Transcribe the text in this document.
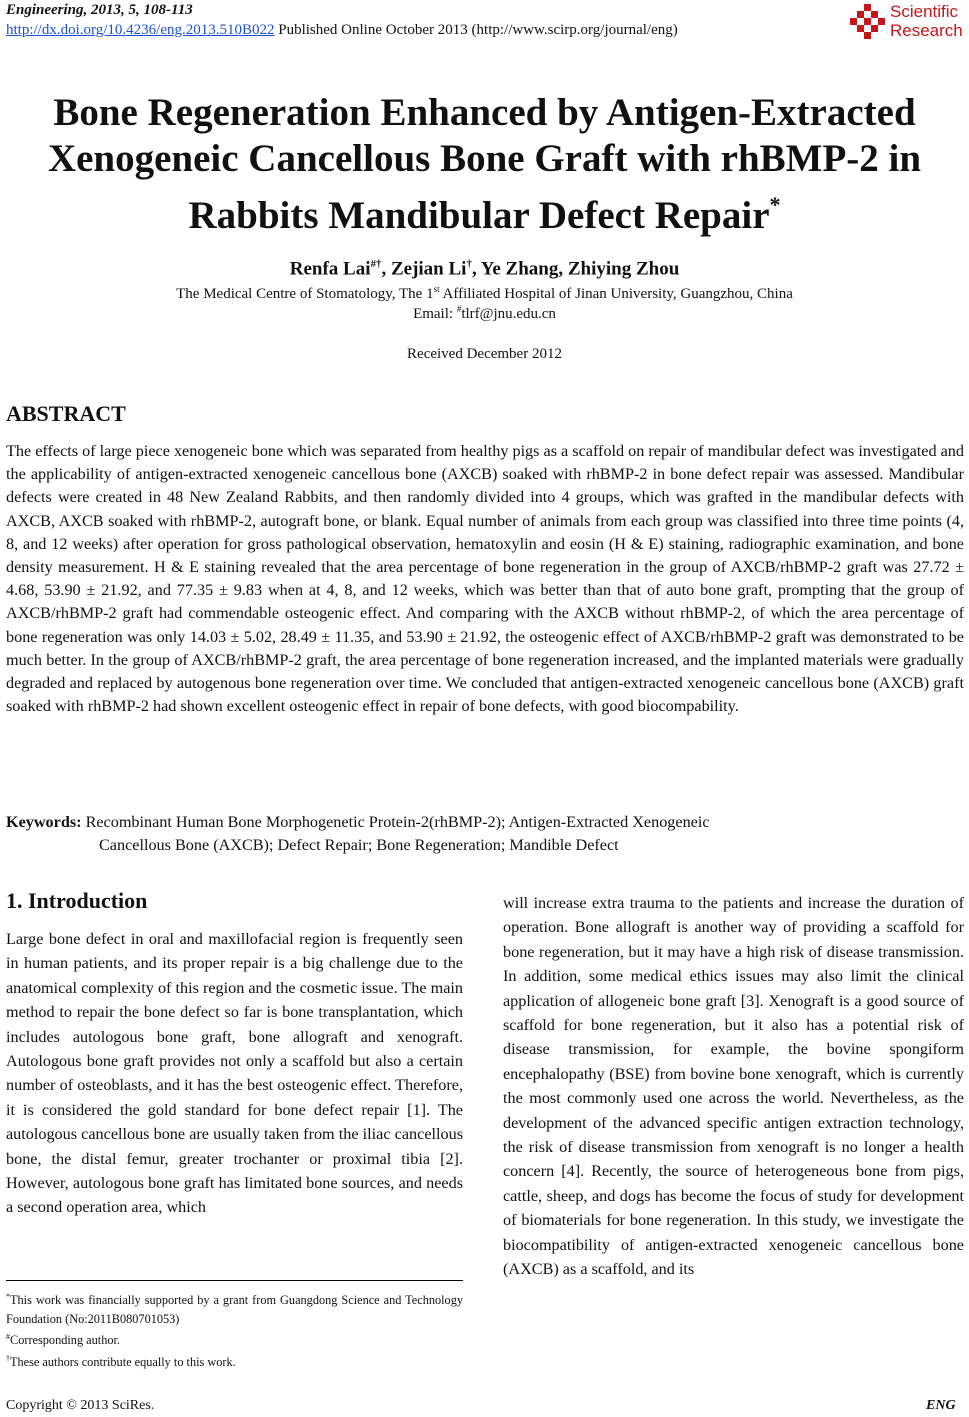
Engineering, 2013, 5, 108-113
http://dx.doi.org/10.4236/eng.2013.510B022 Published Online October 2013 (http://www.scirp.org/journal/eng)
Scientific
Research
Bone Regeneration Enhanced by Antigen-Extracted
Xenogeneic Cancellous Bone Graft with rhBMP-2 in
Rabbits Mandibular Defect Repair*
Renfa Lai#†, Zejian Li†, Ye Zhang, Zhiying Zhou
The Medical Centre of Stomatology, The 1st Affiliated Hospital of Jinan University, Guangzhou, China
Email: #tlrf@jnu.edu.cn
Received December 2012
ABSTRACT
The effects of large piece xenogeneic bone which was separated from healthy pigs as a scaffold on repair of mandibular defect was investigated and the applicability of antigen-extracted xenogeneic cancellous bone (AXCB) soaked with rhBMP-2 in bone defect repair was assessed. Mandibular defects were created in 48 New Zealand Rabbits, and then randomly divided into 4 groups, which was grafted in the mandibular defects with AXCB, AXCB soaked with rhBMP-2, autograft bone, or blank. Equal number of animals from each group was classified into three time points (4, 8, and 12 weeks) after operation for gross pathological observation, hematoxylin and eosin (H & E) staining, radiographic examination, and bone density measurement. H & E staining revealed that the area percentage of bone regeneration in the group of AXCB/rhBMP-2 graft was 27.72 ± 4.68, 53.90 ± 21.92, and 77.35 ± 9.83 when at 4, 8, and 12 weeks, which was better than that of auto bone graft, prompting that the group of AXCB/rhBMP-2 graft had commendable osteogenic effect. And comparing with the AXCB without rhBMP-2, of which the area percentage of bone regeneration was only 14.03 ± 5.02, 28.49 ± 11.35, and 53.90 ± 21.92, the osteogenic effect of AXCB/rhBMP-2 graft was demonstrated to be much better. In the group of AXCB/rhBMP-2 graft, the area percentage of bone regeneration increased, and the implanted materials were gradually degraded and replaced by autogenous bone regeneration over time. We concluded that antigen-extracted xenogeneic cancellous bone (AXCB) graft soaked with rhBMP-2 had shown excellent osteogenic effect in repair of bone defects, with good biocompability.
Keywords: Recombinant Human Bone Morphogenetic Protein-2(rhBMP-2); Antigen-Extracted Xenogeneic
Cancellous Bone (AXCB); Defect Repair; Bone Regeneration; Mandible Defect
1. Introduction
Large bone defect in oral and maxillofacial region is frequently seen in human patients, and its proper repair is a big challenge due to the anatomical complexity of this region and the cosmetic issue. The main method to repair the bone defect so far is bone transplantation, which includes autologous bone graft, bone allograft and xenograft. Autologous bone graft provides not only a scaffold but also a certain number of osteoblasts, and it has the best osteogenic effect. Therefore, it is considered the gold standard for bone defect repair [1]. The autologous cancellous bone are usually taken from the iliac cancellous bone, the distal femur, greater trochanter or proximal tibia [2]. However, autologous bone graft has limitated bone sources, and needs a second operation area, which
will increase extra trauma to the patients and increase the duration of operation. Bone allograft is another way of providing a scaffold for bone regeneration, but it may have a high risk of disease transmission. In addition, some medical ethics issues may also limit the clinical application of allogeneic bone graft [3]. Xenograft is a good source of scaffold for bone regeneration, but it also has a potential risk of disease transmission, for example, the bovine spongiform encephalopathy (BSE) from bovine bone xenograft, which is currently the most commonly used one across the world. Nevertheless, as the development of the advanced specific antigen extraction technology, the risk of disease transmission from xenograft is no longer a health concern [4]. Recently, the source of heterogeneous bone from pigs, cattle, sheep, and dogs has become the focus of study for development of biomaterials for bone regeneration. In this study, we investigate the biocompatibility of antigen-extracted xenogeneic cancellous bone (AXCB) as a scaffold, and its
*This work was financially supported by a grant from Guangdong Science and Technology Foundation (No:2011B080701053)
#Corresponding author.
†These authors contribute equally to this work.
Copyright © 2013 SciRes.	ENG
